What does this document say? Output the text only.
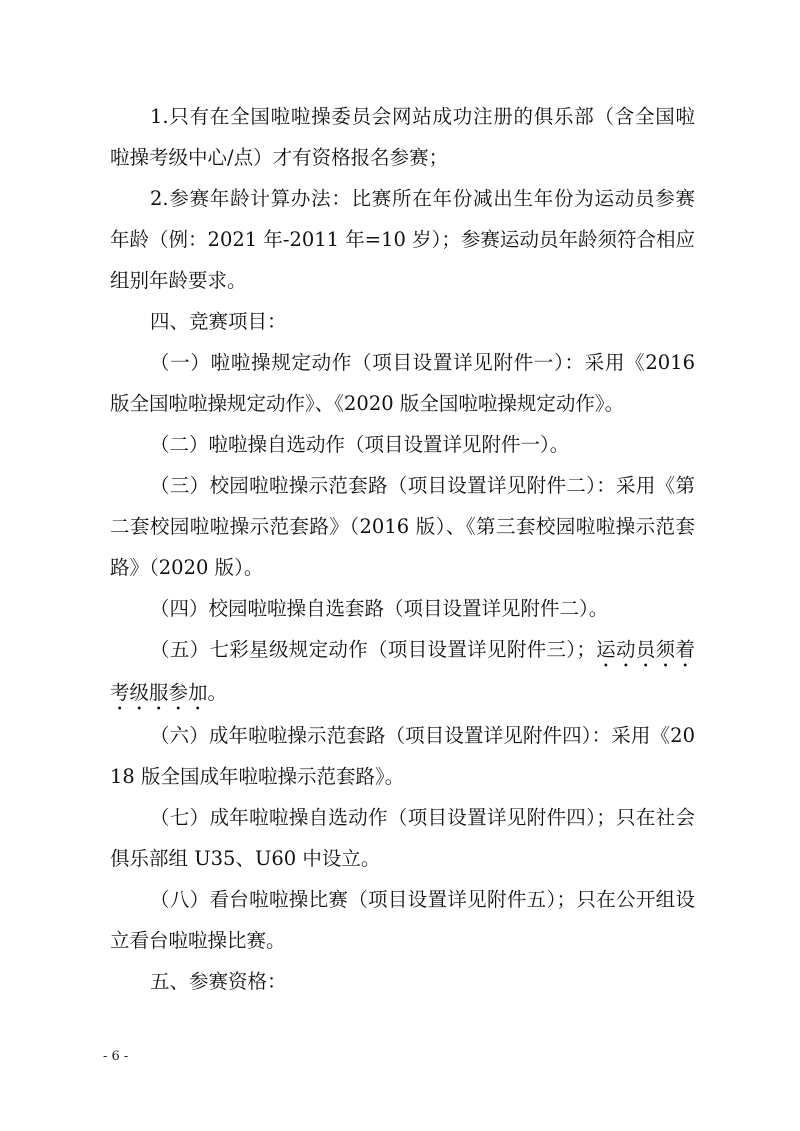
1.只有在全国啦啦操委员会网站成功注册的俱乐部（含全国啦啦操考级中心/点）才有资格报名参赛；

2.参赛年龄计算办法：比赛所在年份减出生年份为运动员参赛年龄（例：2021 年-2011 年=10 岁）；参赛运动员年龄须符合相应组别年龄要求。

四、竞赛项目：

（一）啦啦操规定动作（项目设置详见附件一）：采用《2016 版全国啦啦操规定动作》、《2020 版全国啦啦操规定动作》。

（二）啦啦操自选动作（项目设置详见附件一）。

（三）校园啦啦操示范套路（项目设置详见附件二）：采用《第二套校园啦啦操示范套路》（2016 版）、《第三套校园啦啦操示范套路》（2020 版）。

（四）校园啦啦操自选套路（项目设置详见附件二）。

（五）七彩星级规定动作（项目设置详见附件三）；运动员须着考级服参加。

（六）成年啦啦操示范套路（项目设置详见附件四）：采用《2018 版全国成年啦啦操示范套路》。

（七）成年啦啦操自选动作（项目设置详见附件四）；只在社会俱乐部组 U35、U60 中设立。

（八）看台啦啦操比赛（项目设置详见附件五）；只在公开组设立看台啦啦操比赛。

五、参赛资格：

- 6 -
